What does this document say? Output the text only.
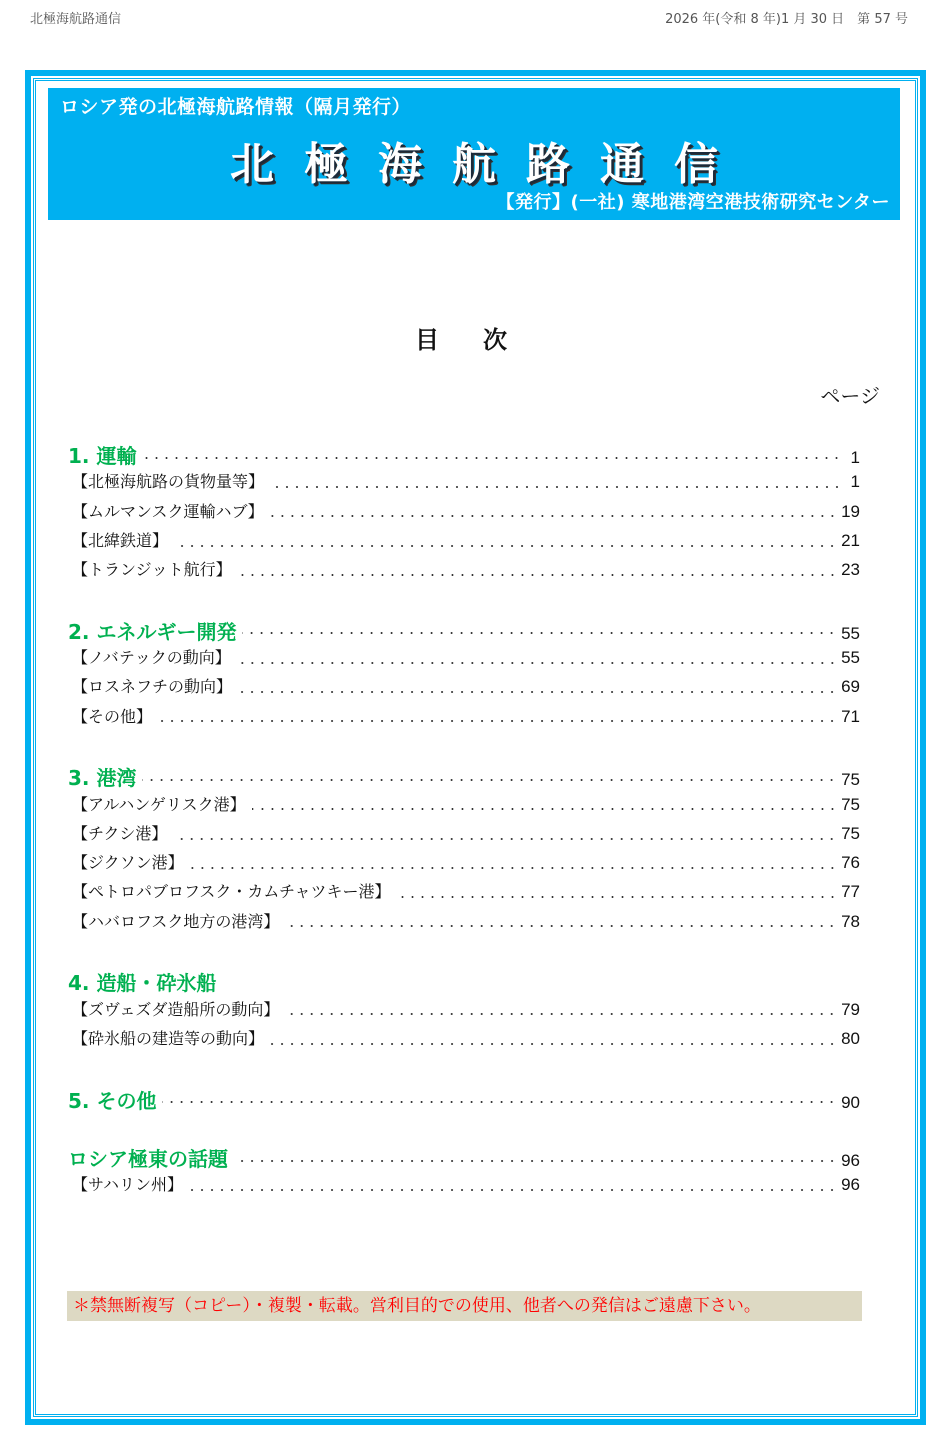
北極海航路通信	2026 年(令和 8 年)1 月 30 日　第 57 号
ロシア発の北極海航路情報（隔月発行）
北極海航路通信
【発行】(一社) 寒地港湾空港技術研究センター
目次
ページ
1. 運輸	1
【北極海航路の貨物量等】	1
【ムルマンスク運輸ハブ】	19
【北緯鉄道】	21
【トランジット航行】	23
2. エネルギー開発	55
【ノバテックの動向】	55
【ロスネフチの動向】	69
【その他】	71
3. 港湾	75
【アルハンゲリスク港】	75
【チクシ港】	75
【ジクソン港】	76
【ペトロパブロフスク・カムチャツキー港】	77
【ハバロフスク地方の港湾】	78
4. 造船・砕氷船
【ズヴェズダ造船所の動向】	79
【砕氷船の建造等の動向】	80
5. その他	90
ロシア極東の話題	96
【サハリン州】	96
＊禁無断複写（コピー）・複製・転載。営利目的での使用、他者への発信はご遠慮下さい。
